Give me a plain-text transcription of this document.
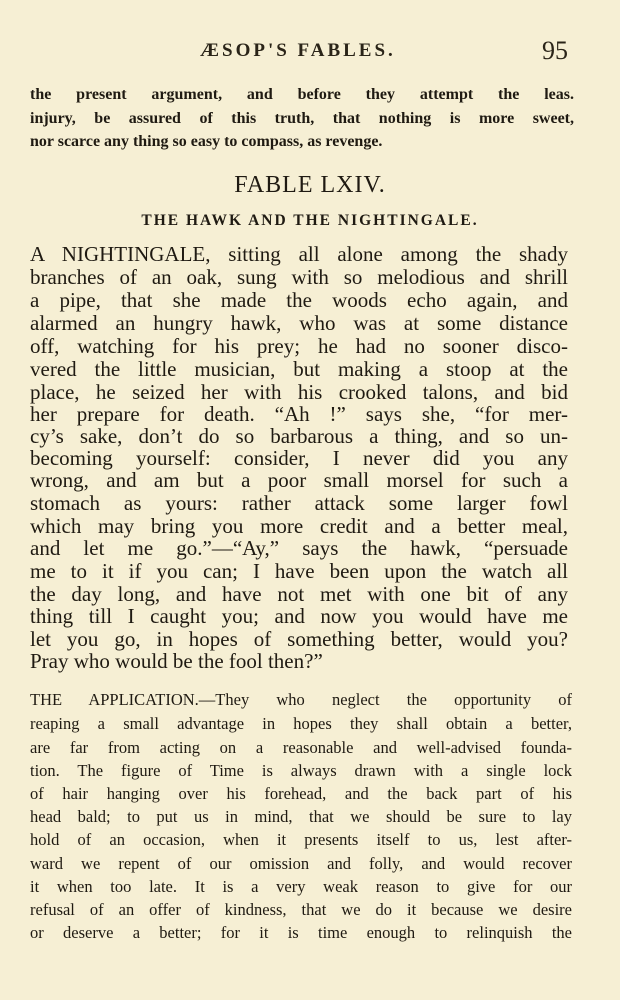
ÆSOP'S FABLES.	95
the present argument, and before they attempt the leas.
injury, be assured of this truth, that nothing is more sweet,
nor scarce any thing so easy to compass, as revenge.
FABLE LXIV.
THE HAWK AND THE NIGHTINGALE.
A NIGHTINGALE, sitting all alone among the shady
branches of an oak, sung with so melodious and shrill
a pipe, that she made the woods echo again, and
alarmed an hungry hawk, who was at some distance
off, watching for his prey; he had no sooner disco-
vered the little musician, but making a stoop at the
place, he seized her with his crooked talons, and bid
her prepare for death. “Ah !” says she, “for mer-
cy’s sake, don’t do so barbarous a thing, and so un-
becoming yourself: consider, I never did you any
wrong, and am but a poor small morsel for such a
stomach as yours: rather attack some larger fowl
which may bring you more credit and a better meal,
and let me go.”—“Ay,” says the hawk, “persuade
me to it if you can; I have been upon the watch all
the day long, and have not met with one bit of any
thing till I caught you; and now you would have me
let you go, in hopes of something better, would you?
Pray who would be the fool then?”
THE APPLICATION.—They who neglect the opportunity of
reaping a small advantage in hopes they shall obtain a better,
are far from acting on a reasonable and well-advised founda-
tion. The figure of Time is always drawn with a single lock
of hair hanging over his forehead, and the back part of his
head bald; to put us in mind, that we should be sure to lay
hold of an occasion, when it presents itself to us, lest after-
ward we repent of our omission and folly, and would recover
it when too late. It is a very weak reason to give for our
refusal of an offer of kindness, that we do it because we desire
or deserve a better; for it is time enough to relinquish the
